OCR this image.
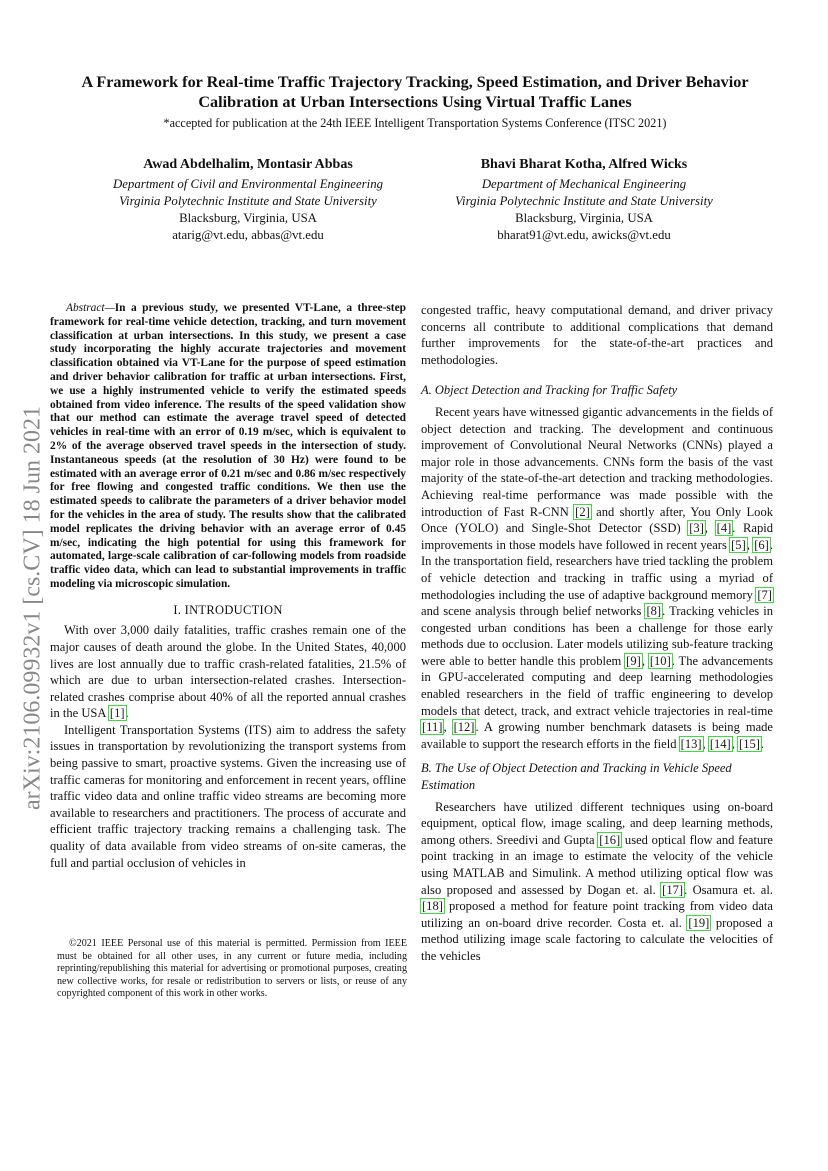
arXiv:2106.09932v1 [cs.CV] 18 Jun 2021
A Framework for Real-time Traffic Trajectory Tracking, Speed Estimation, and Driver Behavior Calibration at Urban Intersections Using Virtual Traffic Lanes
*accepted for publication at the 24th IEEE Intelligent Transportation Systems Conference (ITSC 2021)
Awad Abdelhalim, Montasir Abbas
Department of Civil and Environmental Engineering
Virginia Polytechnic Institute and State University
Blacksburg, Virginia, USA
atarig@vt.edu, abbas@vt.edu
Bhavi Bharat Kotha, Alfred Wicks
Department of Mechanical Engineering
Virginia Polytechnic Institute and State University
Blacksburg, Virginia, USA
bharat91@vt.edu, awicks@vt.edu

Abstract—In a previous study, we presented VT-Lane, a three-step framework for real-time vehicle detection, tracking, and turn movement classification at urban intersections. In this study, we present a case study incorporating the highly accurate trajectories and movement classification obtained via VT-Lane for the purpose of speed estimation and driver behavior calibration for traffic at urban intersections. First, we use a highly instrumented vehicle to verify the estimated speeds obtained from video inference. The results of the speed validation show that our method can estimate the average travel speed of detected vehicles in real-time with an error of 0.19 m/sec, which is equivalent to 2% of the average observed travel speeds in the intersection of study. Instantaneous speeds (at the resolution of 30 Hz) were found to be estimated with an average error of 0.21 m/sec and 0.86 m/sec respectively for free flowing and congested traffic conditions. We then use the estimated speeds to calibrate the parameters of a driver behavior model for the vehicles in the area of study. The results show that the calibrated model replicates the driving behavior with an average error of 0.45 m/sec, indicating the high potential for using this framework for automated, large-scale calibration of car-following models from roadside traffic video data, which can lead to substantial improvements in traffic modeling via microscopic simulation.

I. INTRODUCTION

With over 3,000 daily fatalities, traffic crashes remain one of the major causes of death around the globe. In the United States, 40,000 lives are lost annually due to traffic crash-related fatalities, 21.5% of which are due to urban intersection-related crashes. Intersection-related crashes comprise about 40% of all the reported annual crashes in the USA [1].

Intelligent Transportation Systems (ITS) aim to address the safety issues in transportation by revolutionizing the transport systems from being passive to smart, proactive systems. Given the increasing use of traffic cameras for monitoring and enforcement in recent years, offline traffic video data and online traffic video streams are becoming more available to researchers and practitioners. The process of accurate and efficient traffic trajectory tracking remains a challenging task. The quality of data available from video streams of on-site cameras, the full and partial occlusion of vehicles in

©2021 IEEE Personal use of this material is permitted. Permission from IEEE must be obtained for all other uses, in any current or future media, including reprinting/republishing this material for advertising or promotional purposes, creating new collective works, for resale or redistribution to servers or lists, or reuse of any copyrighted component of this work in other works.

congested traffic, heavy computational demand, and driver privacy concerns all contribute to additional complications that demand further improvements for the state-of-the-art practices and methodologies.

A. Object Detection and Tracking for Traffic Safety

Recent years have witnessed gigantic advancements in the fields of object detection and tracking. The development and continuous improvement of Convolutional Neural Networks (CNNs) played a major role in those advancements. CNNs form the basis of the vast majority of the state-of-the-art detection and tracking methodologies. Achieving real-time performance was made possible with the introduction of Fast R-CNN [2] and shortly after, You Only Look Once (YOLO) and Single-Shot Detector (SSD) [3], [4]. Rapid improvements in those models have followed in recent years [5], [6]. In the transportation field, researchers have tried tackling the problem of vehicle detection and tracking in traffic using a myriad of methodologies including the use of adaptive background memory [7] and scene analysis through belief networks [8]. Tracking vehicles in congested urban conditions has been a challenge for those early methods due to occlusion. Later models utilizing sub-feature tracking were able to better handle this problem [9], [10]. The advancements in GPU-accelerated computing and deep learning methodologies enabled researchers in the field of traffic engineering to develop models that detect, track, and extract vehicle trajectories in real-time [11], [12]. A growing number benchmark datasets is being made available to support the research efforts in the field [13], [14], [15].

B. The Use of Object Detection and Tracking in Vehicle Speed Estimation

Researchers have utilized different techniques using on-board equipment, optical flow, image scaling, and deep learning methods, among others. Sreedivi and Gupta [16] used optical flow and feature point tracking in an image to estimate the velocity of the vehicle using MATLAB and Simulink. A method utilizing optical flow was also proposed and assessed by Dogan et. al. [17]. Osamura et. al. [18] proposed a method for feature point tracking from video data utilizing an on-board drive recorder. Costa et. al. [19] proposed a method utilizing image scale factoring to calculate the velocities of the vehicles
